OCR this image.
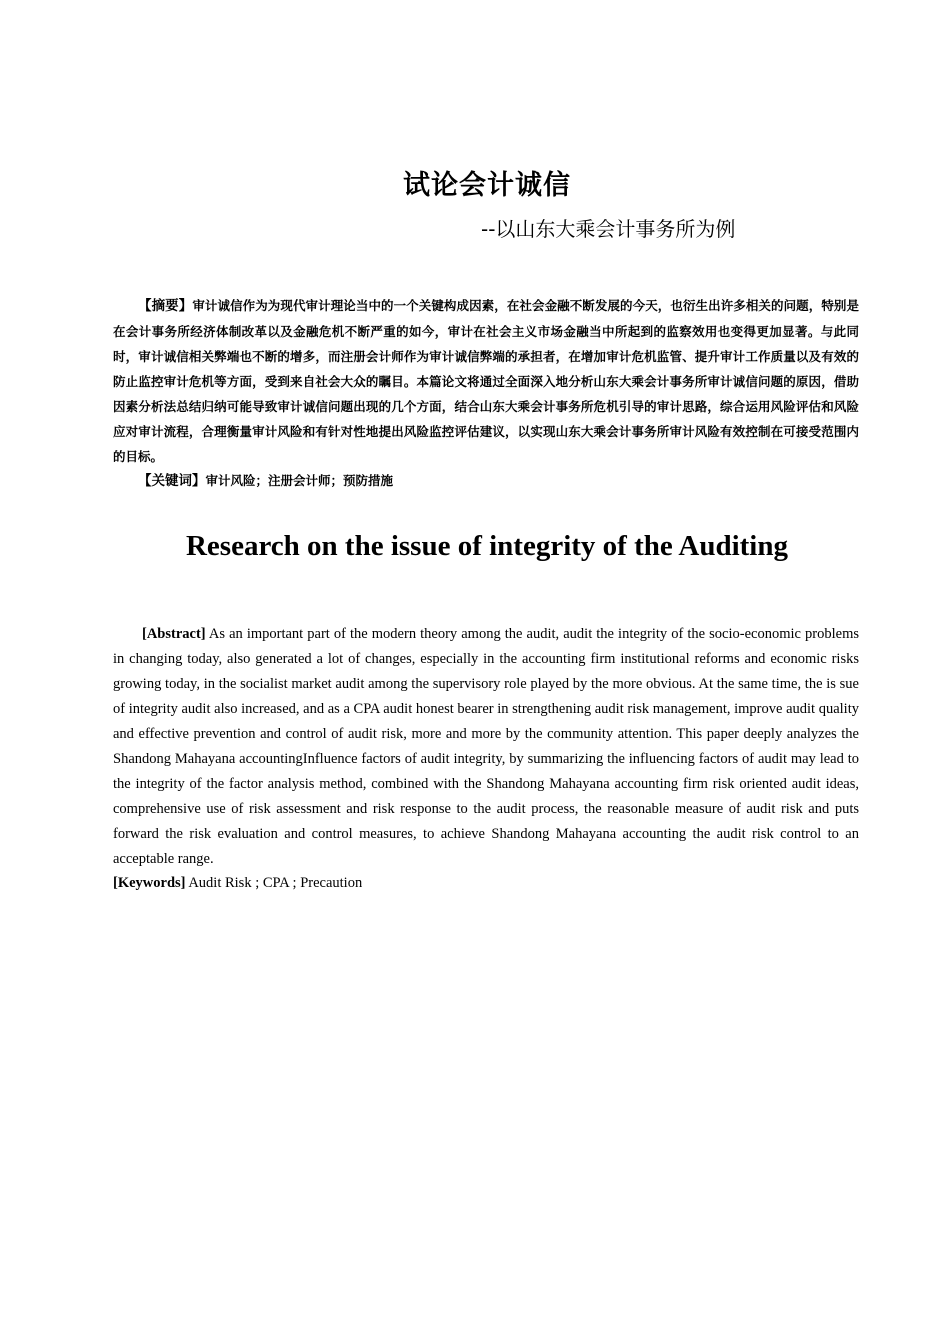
试论会计诚信
--以山东大乘会计事务所为例

【摘要】审计诚信作为为现代审计理论当中的一个关键构成因素，在社会金融不断发展的今天，也衍生出许多相关的问题，特别是在会计事务所经济体制改革以及金融危机不断严重的如今，审计在社会主义市场金融当中所起到的监察效用也变得更加显著。与此同时，审计诚信相关弊端也不断的增多，而注册会计师作为审计诚信弊端的承担者，在增加审计危机监管、提升审计工作质量以及有效的防止监控审计危机等方面，受到来自社会大众的瞩目。本篇论文将通过全面深入地分析山东大乘会计事务所审计诚信问题的原因，借助因素分析法总结归纳可能导致审计诚信问题出现的几个方面，结合山东大乘会计事务所危机引导的审计思路，综合运用风险评估和风险应对审计流程，合理衡量审计风险和有针对性地提出风险监控评估建议，以实现山东大乘会计事务所审计风险有效控制在可接受范围内的目标。

【关键词】审计风险；注册会计师；预防措施

Research on the issue of integrity of the Auditing

[Abstract] As an important part of the modern theory among the audit, audit the integrity of the socio-economic problems in changing today, also generated a lot of changes, especially in the accounting firm institutional reforms and economic risks growing today, in the socialist market audit among the supervisory role played by the more obvious. At the same time, the is sue of integrity audit also increased, and as a CPA audit honest bearer in strengthening audit risk management, improve audit quality and effective prevention and control of audit risk, more and more by the community attention. This paper deeply analyzes the Shandong Mahayana accountingInfluence factors of audit integrity, by summarizing the influencing factors of audit may lead to the integrity of the factor analysis method, combined with the Shandong Mahayana accounting firm risk oriented audit ideas, comprehensive use of risk assessment and risk response to the audit process, the reasonable measure of audit risk and puts forward the risk evaluation and control measures, to achieve Shandong Mahayana accounting the audit risk control to an acceptable range.

[Keywords] Audit Risk ; CPA ; Precaution
